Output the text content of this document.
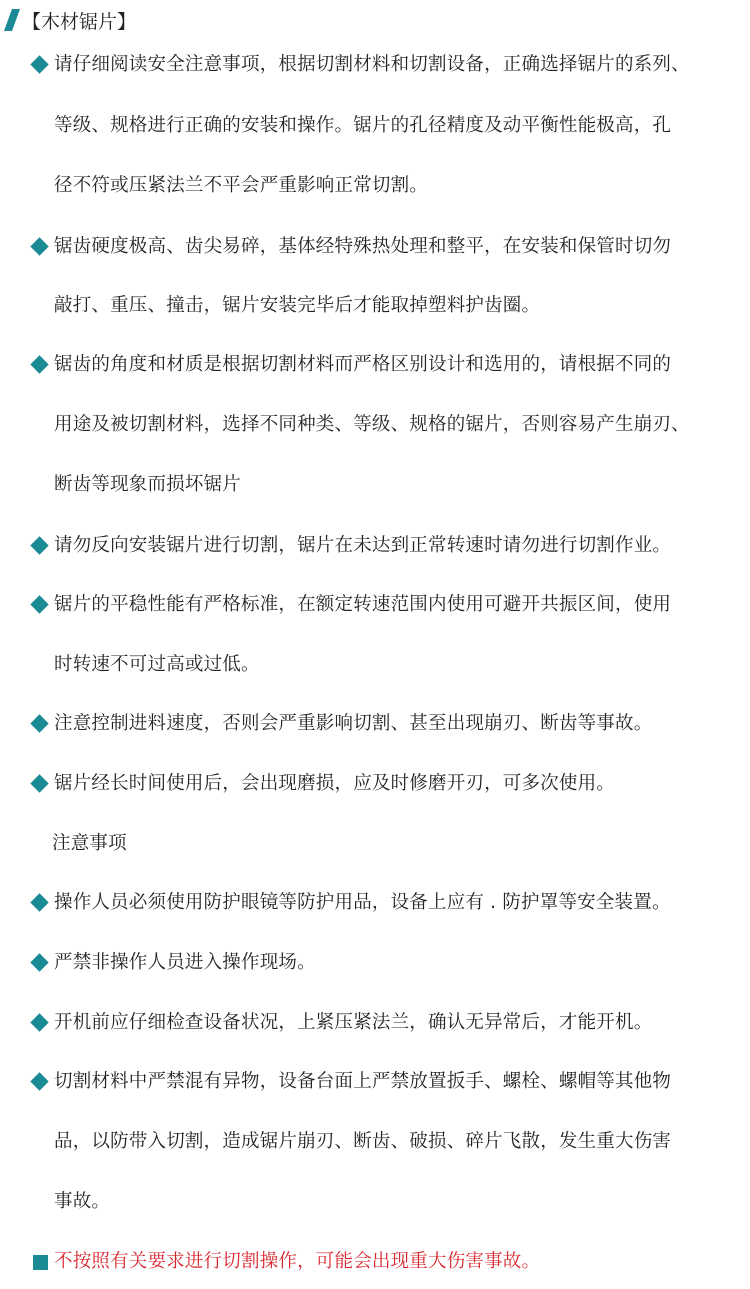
【木材锯片】
请仔细阅读安全注意事项，根据切割材料和切割设备，正确选择锯片的系列、
等级、规格进行正确的安装和操作。锯片的孔径精度及动平衡性能极高，孔
径不符或压紧法兰不平会严重影响正常切割。
锯齿硬度极高、齿尖易碎，基体经特殊热处理和整平，在安装和保管时切勿
敲打、重压、撞击，锯片安装完毕后才能取掉塑料护齿圈。
锯齿的角度和材质是根据切割材料而严格区别设计和选用的，请根据不同的
用途及被切割材料，选择不同种类、等级、规格的锯片，否则容易产生崩刃、
断齿等现象而损坏锯片
请勿反向安装锯片进行切割，锯片在未达到正常转速时请勿进行切割作业。
锯片的平稳性能有严格标准，在额定转速范围内使用可避开共振区间，使用
时转速不可过高或过低。
注意控制进料速度，否则会严重影响切割、甚至出现崩刃、断齿等事故。
锯片经长时间使用后，会出现磨损，应及时修磨开刃，可多次使用。
注意事项
操作人员必须使用防护眼镜等防护用品，设备上应有 . 防护罩等安全装置。
严禁非操作人员进入操作现场。
开机前应仔细检查设备状况，上紧压紧法兰，确认无异常后，才能开机。
切割材料中严禁混有异物，设备台面上严禁放置扳手、螺栓、螺帽等其他物
品，以防带入切割，造成锯片崩刃、断齿、破损、碎片飞散，发生重大伤害
事故。
不按照有关要求进行切割操作，可能会出现重大伤害事故。
